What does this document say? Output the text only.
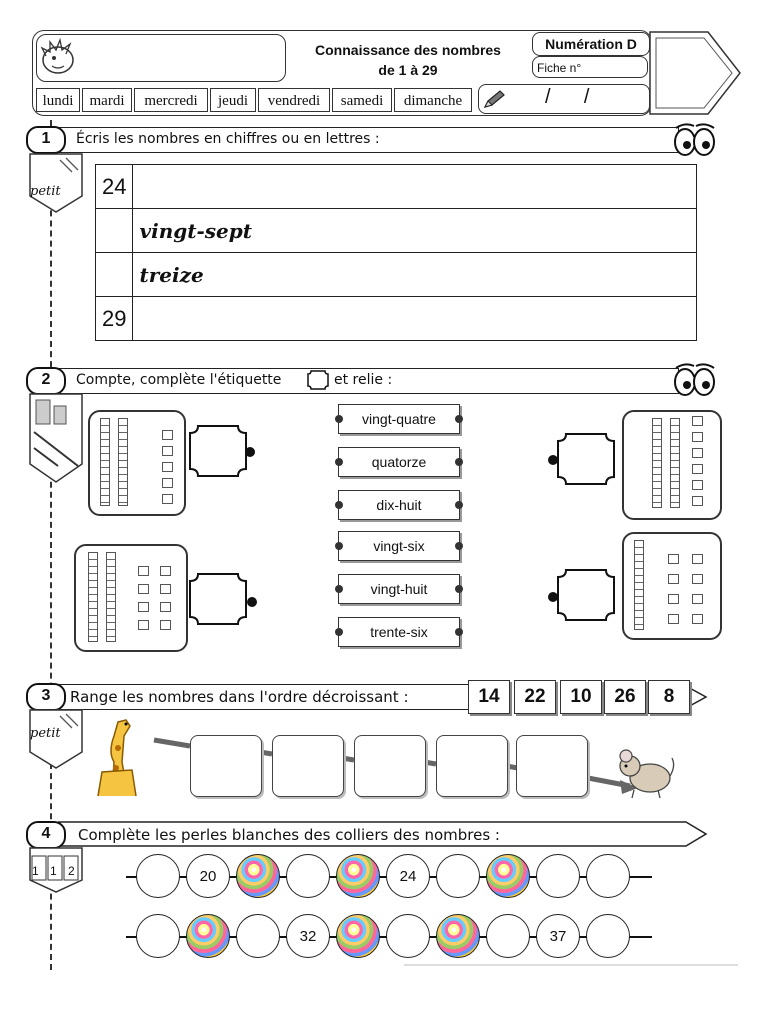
Connaissance des nombres
de 1 à 29
Numération D
Fiche n°
lundi	mardi	mercredi	jeudi	vendredi	samedi	dimanche	/      /
1	Écris les nombres en chiffres ou en lettres :
petit 24	
	vingt-sept
	treize
29	
2	Compte, complète l'étiquette	et relie :
vingt-quatre
quatorze
dix-huit
vingt-six
vingt-huit
trente-six
3	Range les nombres dans l'ordre décroissant :
petit
14	22	10	26	8
4	Complète les perles blanches des colliers des nombres :
1 1 2	20	24
32	37
